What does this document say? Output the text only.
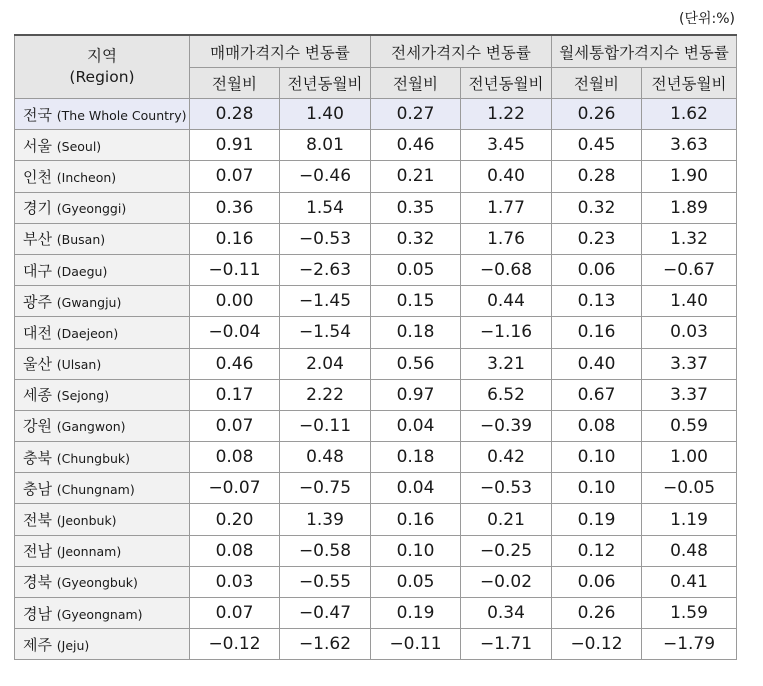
(단위:%)
지역
(Region)	매매가격지수 변동률		전세가격지수 변동률		월세통합가격지수 변동률	
	전월비	전년동월비	전월비	전년동월비	전월비	전년동월비
전국 (The Whole Country)	0.28	1.40	0.27	1.22	0.26	1.62
서울 (Seoul)	0.91	8.01	0.46	3.45	0.45	3.63
인천 (Incheon)	0.07	−0.46	0.21	0.40	0.28	1.90
경기 (Gyeonggi)	0.36	1.54	0.35	1.77	0.32	1.89
부산 (Busan)	0.16	−0.53	0.32	1.76	0.23	1.32
대구 (Daegu)	−0.11	−2.63	0.05	−0.68	0.06	−0.67
광주 (Gwangju)	0.00	−1.45	0.15	0.44	0.13	1.40
대전 (Daejeon)	−0.04	−1.54	0.18	−1.16	0.16	0.03
울산 (Ulsan)	0.46	2.04	0.56	3.21	0.40	3.37
세종 (Sejong)	0.17	2.22	0.97	6.52	0.67	3.37
강원 (Gangwon)	0.07	−0.11	0.04	−0.39	0.08	0.59
충북 (Chungbuk)	0.08	0.48	0.18	0.42	0.10	1.00
충남 (Chungnam)	−0.07	−0.75	0.04	−0.53	0.10	−0.05
전북 (Jeonbuk)	0.20	1.39	0.16	0.21	0.19	1.19
전남 (Jeonnam)	0.08	−0.58	0.10	−0.25	0.12	0.48
경북 (Gyeongbuk)	0.03	−0.55	0.05	−0.02	0.06	0.41
경남 (Gyeongnam)	0.07	−0.47	0.19	0.34	0.26	1.59
제주 (Jeju)	−0.12	−1.62	−0.11	−1.71	−0.12	−1.79
